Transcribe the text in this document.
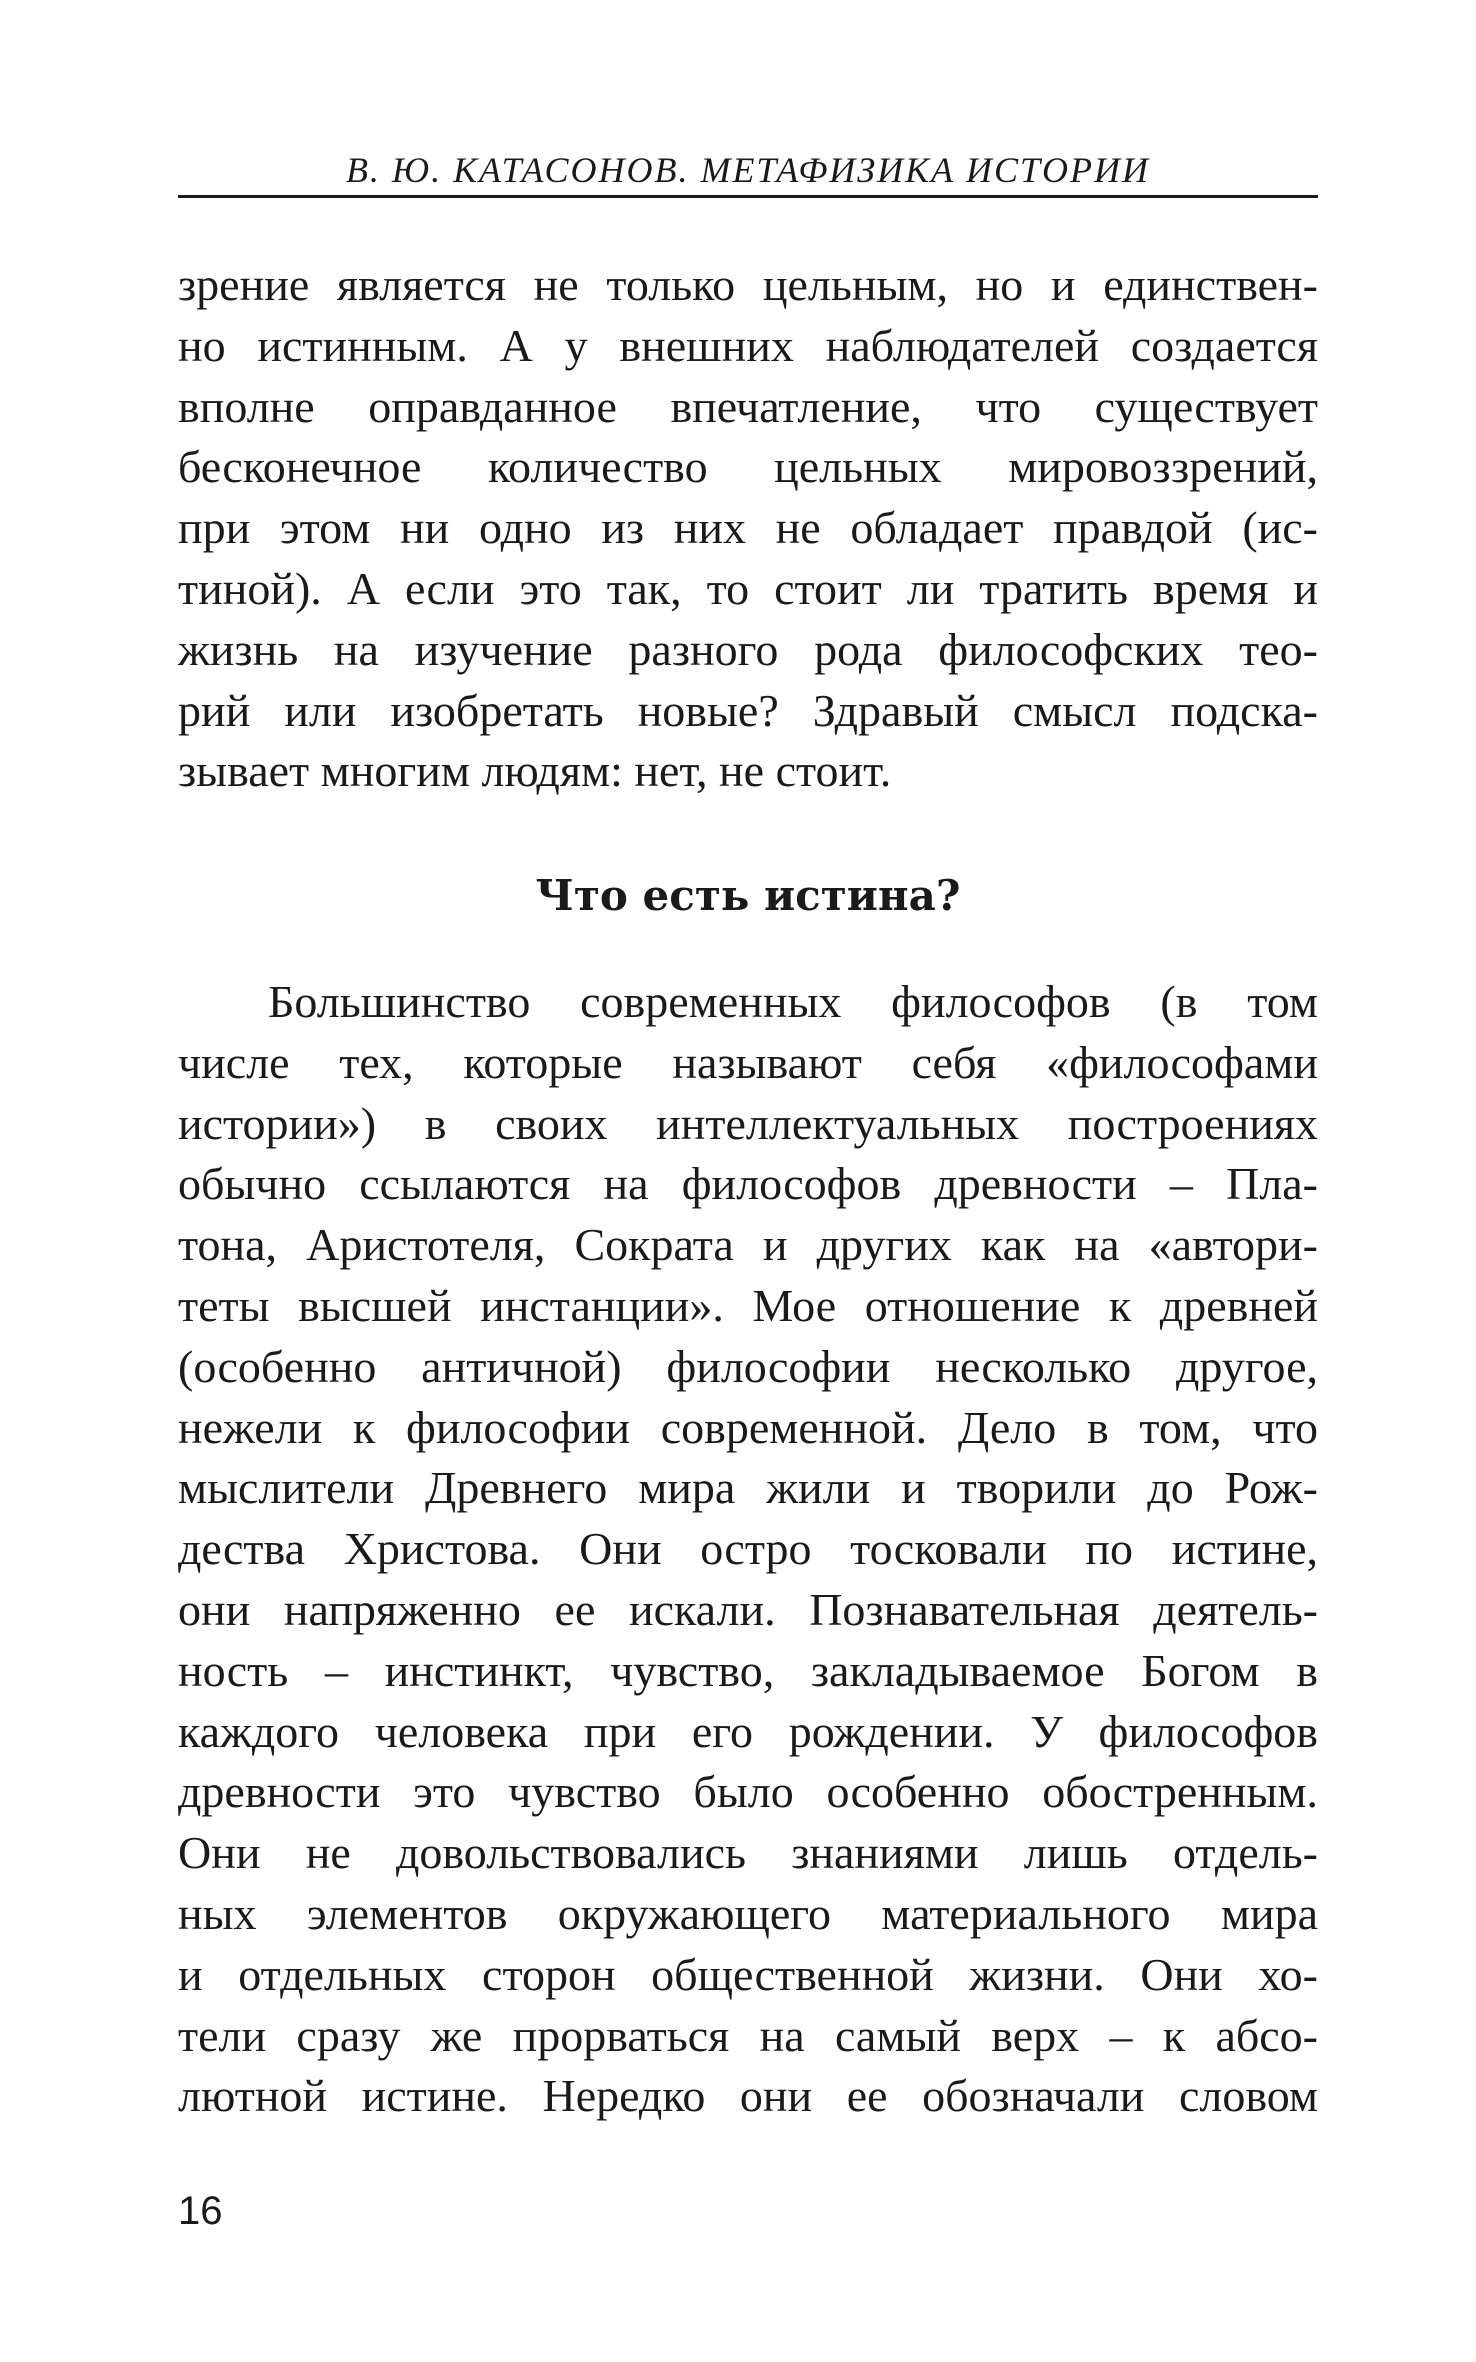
В. Ю. КАТАСОНОВ. МЕТАФИЗИКА ИСТОРИИ
зрение является не только цельным, но и единствен-
но истинным. А у внешних наблюдателей создается
вполне оправданное впечатление, что существует
бесконечное количество цельных мировоззрений,
при этом ни одно из них не обладает правдой (ис-
тиной). А если это так, то стоит ли тратить время и
жизнь на изучение разного рода философских тео-
рий или изобретать новые? Здравый смысл подска-
зывает многим людям: нет, не стоит.
Что есть истина?
Большинство современных философов (в том
числе тех, которые называют себя «философами
истории») в своих интеллектуальных построениях
обычно ссылаются на философов древности – Пла-
тона, Аристотеля, Сократа и других как на «автори-
теты высшей инстанции». Мое отношение к древней
(особенно античной) философии несколько другое,
нежели к философии современной. Дело в том, что
мыслители Древнего мира жили и творили до Рож-
дества Христова. Они остро тосковали по истине,
они напряженно ее искали. Познавательная деятель-
ность – инстинкт, чувство, закладываемое Богом в
каждого человека при его рождении. У философов
древности это чувство было особенно обостренным.
Они не довольствовались знаниями лишь отдель-
ных элементов окружающего материального мира
и отдельных сторон общественной жизни. Они хо-
тели сразу же прорваться на самый верх – к абсо-
лютной истине. Нередко они ее обозначали словом
16
